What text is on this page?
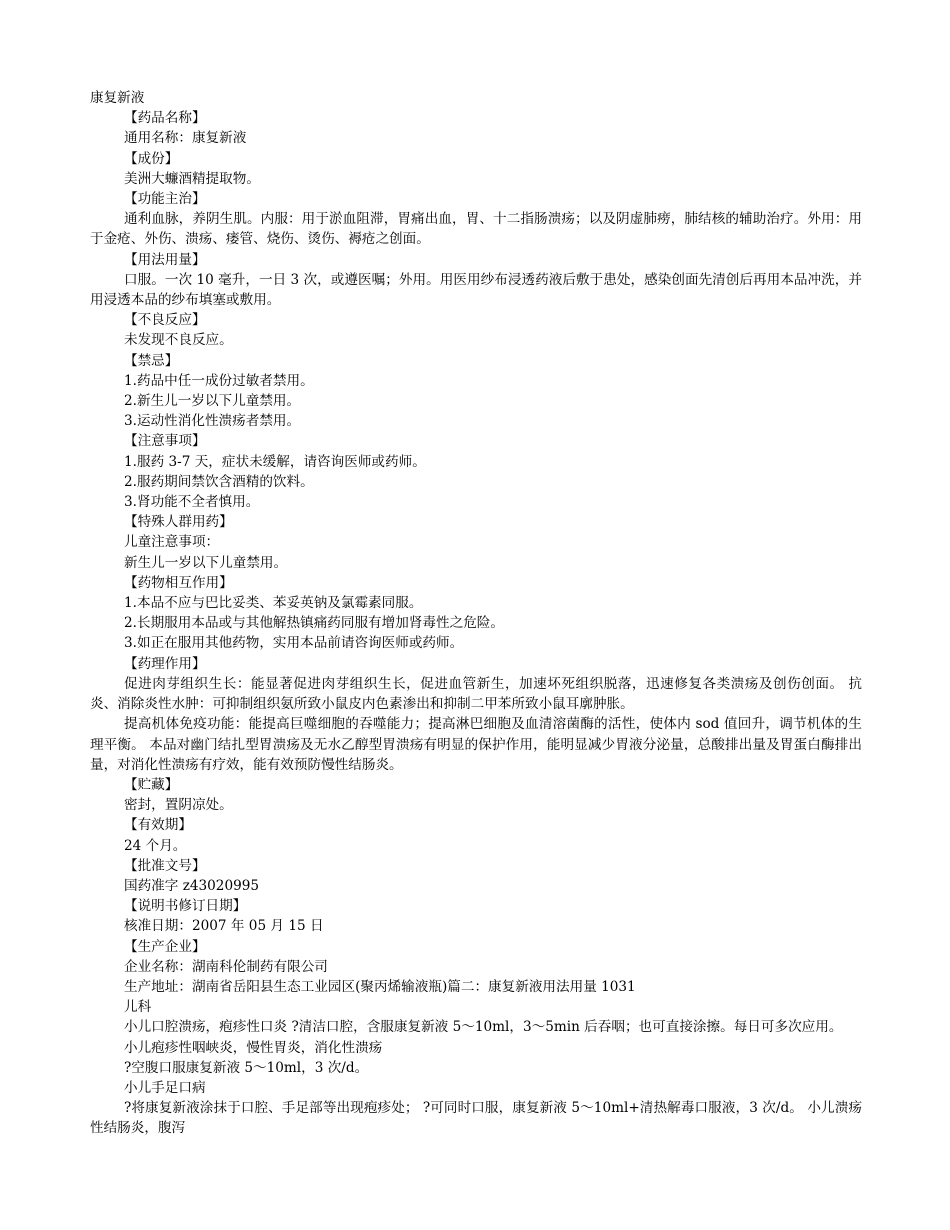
康复新液
【药品名称】
通用名称：康复新液
【成份】
美洲大蠊酒精提取物。
【功能主治】
通利血脉，养阴生肌。内服：用于淤血阻滞，胃痛出血，胃、十二指肠溃疡；以及阴虚肺痨，肺结核的辅助治疗。外用：用于金疮、外伤、溃疡、瘘管、烧伤、烫伤、褥疮之创面。
【用法用量】
口服。一次 10 毫升，一日 3 次，或遵医嘱；外用。用医用纱布浸透药液后敷于患处，感染创面先清创后再用本品冲洗，并用浸透本品的纱布填塞或敷用。
【不良反应】
未发现不良反应。
【禁忌】
1.药品中任一成份过敏者禁用。
2.新生儿一岁以下儿童禁用。
3.运动性消化性溃疡者禁用。
【注意事项】
1.服药 3-7 天，症状未缓解，请咨询医师或药师。
2.服药期间禁饮含酒精的饮料。
3.肾功能不全者慎用。
【特殊人群用药】
儿童注意事项：
新生儿一岁以下儿童禁用。
【药物相互作用】
1.本品不应与巴比妥类、苯妥英钠及氯霉素同服。
2.长期服用本品或与其他解热镇痛药同服有增加肾毒性之危险。
3.如正在服用其他药物，实用本品前请咨询医师或药师。
【药理作用】
促进肉芽组织生长：能显著促进肉芽组织生长，促进血管新生，加速坏死组织脱落，迅速修复各类溃疡及创伤创面。 抗炎、消除炎性水肿：可抑制组织氨所致小鼠皮内色素渗出和抑制二甲苯所致小鼠耳廓肿胀。
提高机体免疫功能：能提高巨噬细胞的吞噬能力；提高淋巴细胞及血清溶菌酶的活性，使体内 sod 值回升，调节机体的生理平衡。 本品对幽门结扎型胃溃疡及无水乙醇型胃溃疡有明显的保护作用，能明显减少胃液分泌量，总酸排出量及胃蛋白酶排出量，对消化性溃疡有疗效，能有效预防慢性结肠炎。
【贮藏】
密封，置阴凉处。
【有效期】
24 个月。
【批准文号】
国药准字 z43020995
【说明书修订日期】
核准日期：2007 年 05 月 15 日
【生产企业】
企业名称：湖南科伦制药有限公司
生产地址：湖南省岳阳县生态工业园区(聚丙烯输液瓶)篇二：康复新液用法用量 1031
儿科
小儿口腔溃疡，疱疹性口炎 ?清洁口腔，含服康复新液 5～10ml，3～5min 后吞咽；也可直接涂擦。每日可多次应用。
小儿疱疹性咽峡炎，慢性胃炎，消化性溃疡
?空腹口服康复新液 5～10ml，3 次/d。
小儿手足口病
?将康复新液涂抹于口腔、手足部等出现疱疹处； ?可同时口服，康复新液 5～10ml+清热解毒口服液，3 次/d。 小儿溃疡性结肠炎，腹泻
